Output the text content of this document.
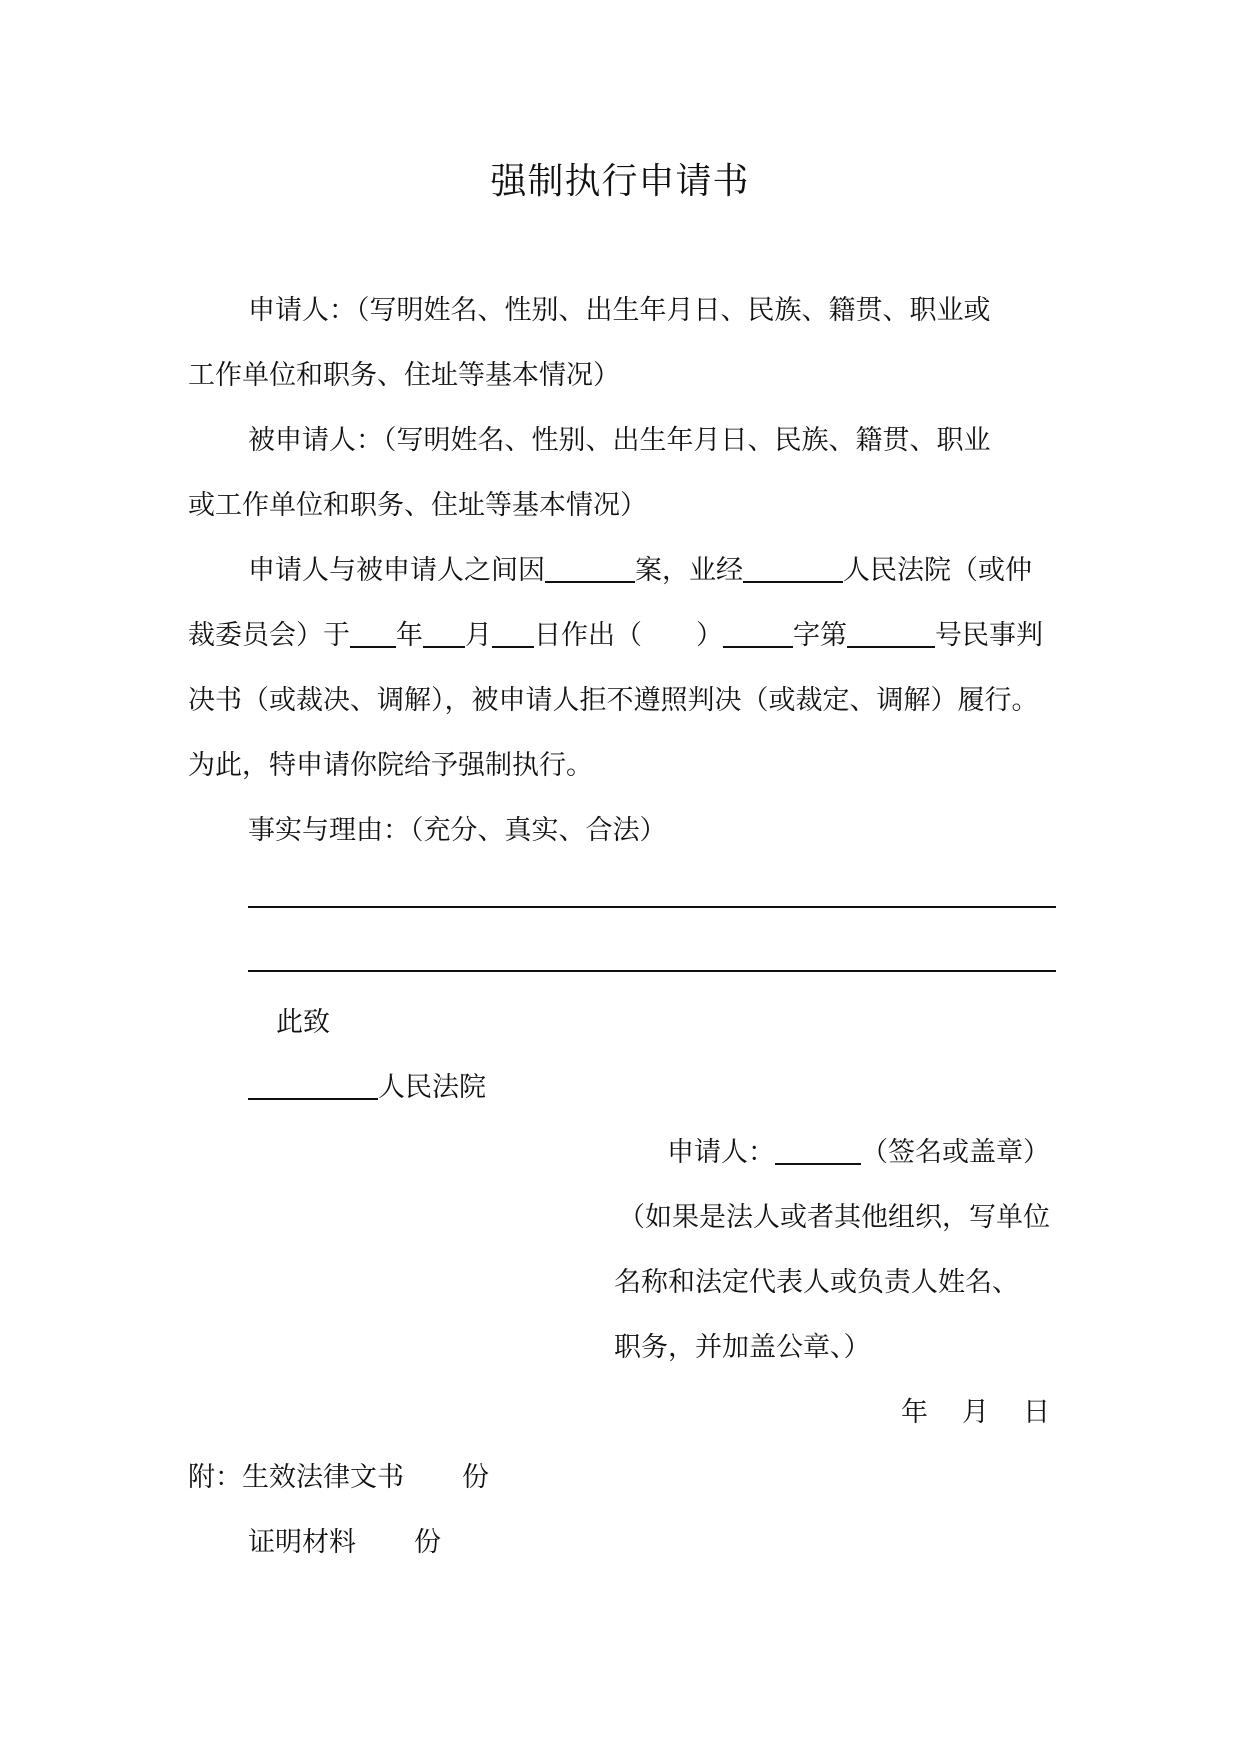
强制执行申请书
申请人：（写明姓名、性别、出生年月日、民族、籍贯、职业或
工作单位和职务、住址等基本情况）
被申请人：（写明姓名、性别、出生年月日、民族、籍贯、职业
或工作单位和职务、住址等基本情况）
申请人与被申请人之间因	案，业经	人民法院（或仲
裁委员会）于 年 月 日作出（ ）	字第	号民事判
决书（或裁决、调解），被申请人拒不遵照判决（或裁定、调解）履行。
为此，特申请你院给予强制执行。
事实与理由：（充分、真实、合法）
此致
人民法院
申请人：	（签名或盖章）
（如果是法人或者其他组织，写单位
名称和法定代表人或负责人姓名、
职务，并加盖公章、）
年 月 日
附：生效法律文书 份
证明材料 份
